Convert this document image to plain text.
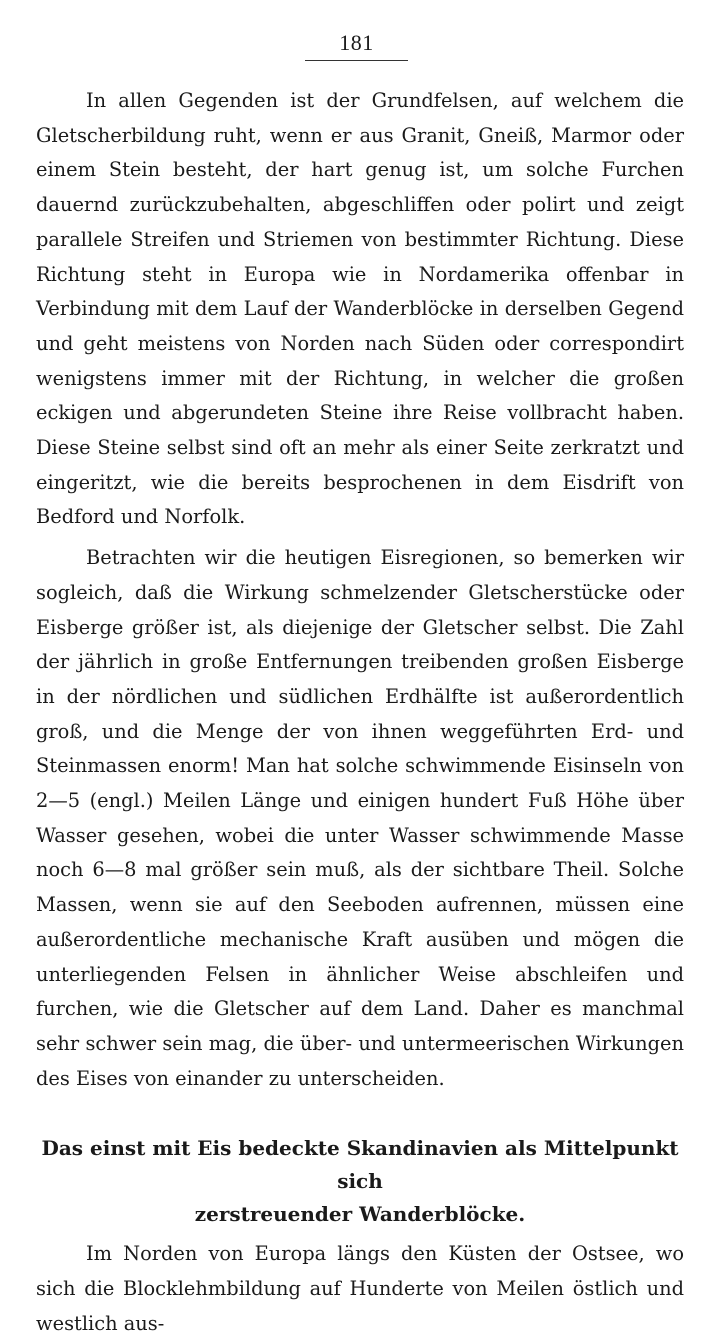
181

In allen Gegenden ist der Grundfelsen, auf welchem die Gletscherbildung ruht, wenn er aus Granit, Gneiß, Marmor oder einem Stein besteht, der hart genug ist, um solche Furchen dauernd zurückzubehalten, abgeschliffen oder polirt und zeigt parallele Streifen und Striemen von bestimmter Richtung. Diese Richtung steht in Europa wie in Nordamerika offenbar in Verbindung mit dem Lauf der Wanderblöcke in derselben Gegend und geht meistens von Norden nach Süden oder correspondirt wenigstens immer mit der Richtung, in welcher die großen eckigen und abgerundeten Steine ihre Reise vollbracht haben. Diese Steine selbst sind oft an mehr als einer Seite zerkratzt und eingeritzt, wie die bereits besprochenen in dem Eisdrift von Bedford und Norfolk.

Betrachten wir die heutigen Eisregionen, so bemerken wir sogleich, daß die Wirkung schmelzender Gletscherstücke oder Eisberge größer ist, als diejenige der Gletscher selbst. Die Zahl der jährlich in große Entfernungen treibenden großen Eisberge in der nördlichen und südlichen Erdhälfte ist außerordentlich groß, und die Menge der von ihnen weggeführten Erd- und Steinmassen enorm! Man hat solche schwimmende Eisinseln von 2—5 (engl.) Meilen Länge und einigen hundert Fuß Höhe über Wasser gesehen, wobei die unter Wasser schwimmende Masse noch 6—8 mal größer sein muß, als der sichtbare Theil. Solche Massen, wenn sie auf den Seeboden aufrennen, müssen eine außerordentliche mechanische Kraft ausüben und mögen die unterliegenden Felsen in ähnlicher Weise abschleifen und furchen, wie die Gletscher auf dem Land. Daher es manchmal sehr schwer sein mag, die über- und untermeerischen Wirkungen des Eises von einander zu unterscheiden.

Das einst mit Eis bedeckte Skandinavien als Mittelpunkt sich
zerstreuender Wanderblöcke.

Im Norden von Europa längs den Küsten der Ostsee, wo sich die Blocklehmbildung auf Hunderte von Meilen östlich und westlich aus-
